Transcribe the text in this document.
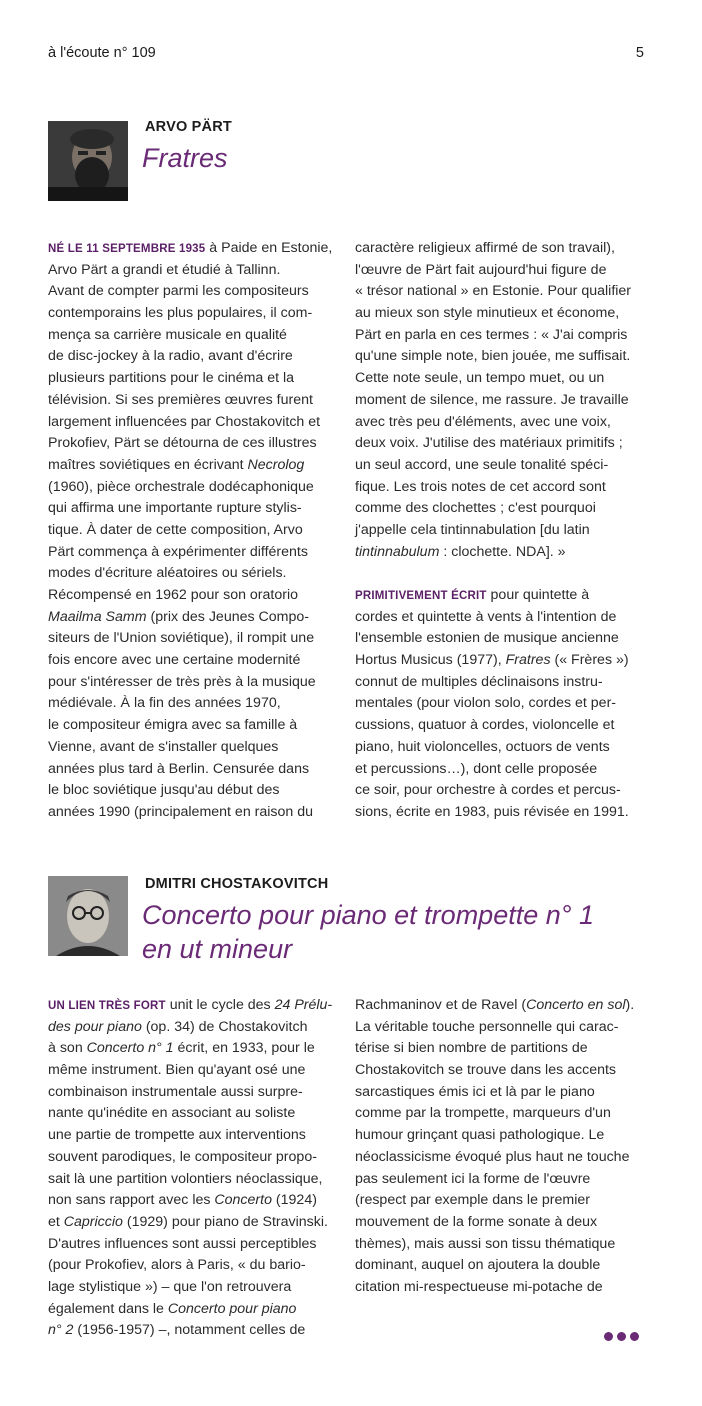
à l'écoute n° 109	5
ARVO PÄRT
Fratres
NÉ LE 11 SEPTEMBRE 1935 à Paide en Estonie,
Arvo Pärt a grandi et étudié à Tallinn.
Avant de compter parmi les compositeurs
contemporains les plus populaires, il com-
mença sa carrière musicale en qualité
de disc-jockey à la radio, avant d'écrire
plusieurs partitions pour le cinéma et la
télévision. Si ses premières œuvres furent
largement influencées par Chostakovitch et
Prokofiev, Pärt se détourna de ces illustres
maîtres soviétiques en écrivant Necrolog
(1960), pièce orchestrale dodécaphonique
qui affirma une importante rupture stylis-
tique. À dater de cette composition, Arvo
Pärt commença à expérimenter différents
modes d'écriture aléatoires ou sériels.
Récompensé en 1962 pour son oratorio
Maailma Samm (prix des Jeunes Compo-
siteurs de l'Union soviétique), il rompit une
fois encore avec une certaine modernité
pour s'intéresser de très près à la musique
médiévale. À la fin des années 1970,
le compositeur émigra avec sa famille à
Vienne, avant de s'installer quelques
années plus tard à Berlin. Censurée dans
le bloc soviétique jusqu'au début des
années 1990 (principalement en raison du
caractère religieux affirmé de son travail),
l'œuvre de Pärt fait aujourd'hui figure de
« trésor national » en Estonie. Pour qualifier
au mieux son style minutieux et économe,
Pärt en parla en ces termes : « J'ai compris
qu'une simple note, bien jouée, me suffisait.
Cette note seule, un tempo muet, ou un
moment de silence, me rassure. Je travaille
avec très peu d'éléments, avec une voix,
deux voix. J'utilise des matériaux primitifs ;
un seul accord, une seule tonalité spéci-
fique. Les trois notes de cet accord sont
comme des clochettes ; c'est pourquoi
j'appelle cela tintinnabulation [du latin
tintinnabulum : clochette. NDA]. »
PRIMITIVEMENT ÉCRIT pour quintette à
cordes et quintette à vents à l'intention de
l'ensemble estonien de musique ancienne
Hortus Musicus (1977), Fratres (« Frères »)
connut de multiples déclinaisons instru-
mentales (pour violon solo, cordes et per-
cussions, quatuor à cordes, violoncelle et
piano, huit violoncelles, octuors de vents
et percussions…), dont celle proposée
ce soir, pour orchestre à cordes et percus-
sions, écrite en 1983, puis révisée en 1991.
DMITRI CHOSTAKOVITCH
Concerto pour piano et trompette n° 1
en ut mineur
UN LIEN TRÈS FORT unit le cycle des 24 Prélu-
des pour piano (op. 34) de Chostakovitch
à son Concerto n° 1 écrit, en 1933, pour le
même instrument. Bien qu'ayant osé une
combinaison instrumentale aussi surpre-
nante qu'inédite en associant au soliste
une partie de trompette aux interventions
souvent parodiques, le compositeur propo-
sait là une partition volontiers néoclassique,
non sans rapport avec les Concerto (1924)
et Capriccio (1929) pour piano de Stravinski.
D'autres influences sont aussi perceptibles
(pour Prokofiev, alors à Paris, « du bario-
lage stylistique ») – que l'on retrouvera
également dans le Concerto pour piano
n° 2 (1956-1957) –, notamment celles de
Rachmaninov et de Ravel (Concerto en sol).
La véritable touche personnelle qui carac-
térise si bien nombre de partitions de
Chostakovitch se trouve dans les accents
sarcastiques émis ici et là par le piano
comme par la trompette, marqueurs d'un
humour grinçant quasi pathologique. Le
néoclassicisme évoqué plus haut ne touche
pas seulement ici la forme de l'œuvre
(respect par exemple dans le premier
mouvement de la forme sonate à deux
thèmes), mais aussi son tissu thématique
dominant, auquel on ajoutera la double
citation mi-respectueuse mi-potache de
